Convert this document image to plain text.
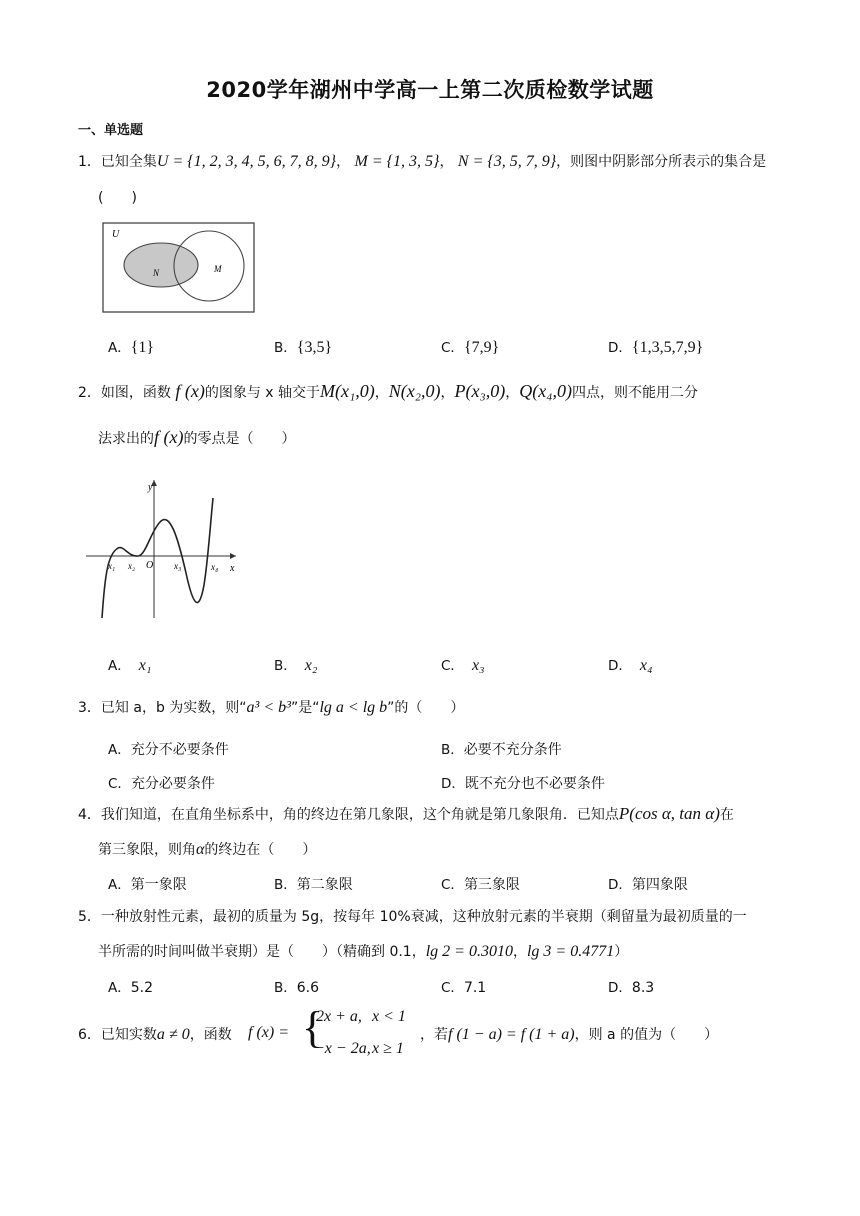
2020学年湖州中学高一上第二次质检数学试题
一、单选题
1．已知全集U = {1, 2, 3, 4, 5, 6, 7, 8, 9}， M = {1, 3, 5}， N = {3, 5, 7, 9}，则图中阴影部分所表示的集合是
(　　)
U
N	M
A．{1}	B．{3,5}	C．{7,9}	D．{1,3,5,7,9}
2．如图，函数 f (x)的图象与 x 轴交于M(x₁,0)，N(x₂,0)，P(x₃,0)，Q(x₄,0)四点，则不能用二分
法求出的f (x)的零点是（　　）
y
x
O
x₁ x₂	x₃	x₄
A． x₁	B． x₂	C． x₃	D． x₄
3．已知 a，b 为实数，则“a³ < b³”是“lg a < lg b”的（　　）
A．充分不必要条件	B．必要不充分条件
C．充分必要条件	D．既不充分也不必要条件
4．我们知道，在直角坐标系中，角的终边在第几象限，这个角就是第几象限角．已知点P(cos α, tan α)在
第三象限，则角α的终边在（　　）
A．第一象限	B．第二象限	C．第三象限	D．第四象限
5．一种放射性元素，最初的质量为 5g，按每年 10%衰减，这种放射元素的半衰期（剩留量为最初质量的一
半所需的时间叫做半衰期）是（　　）（精确到 0.1，lg 2 = 0.3010，lg 3 = 0.4771）
A．5.2	B．6.6	C．7.1	D．8.3
6．已知实数a ≠ 0，函数 f (x) = {
2x + a, x < 1
−x − 2a, x ≥ 1
，若f (1 − a) = f (1 + a)，则 a 的值为（　　）
